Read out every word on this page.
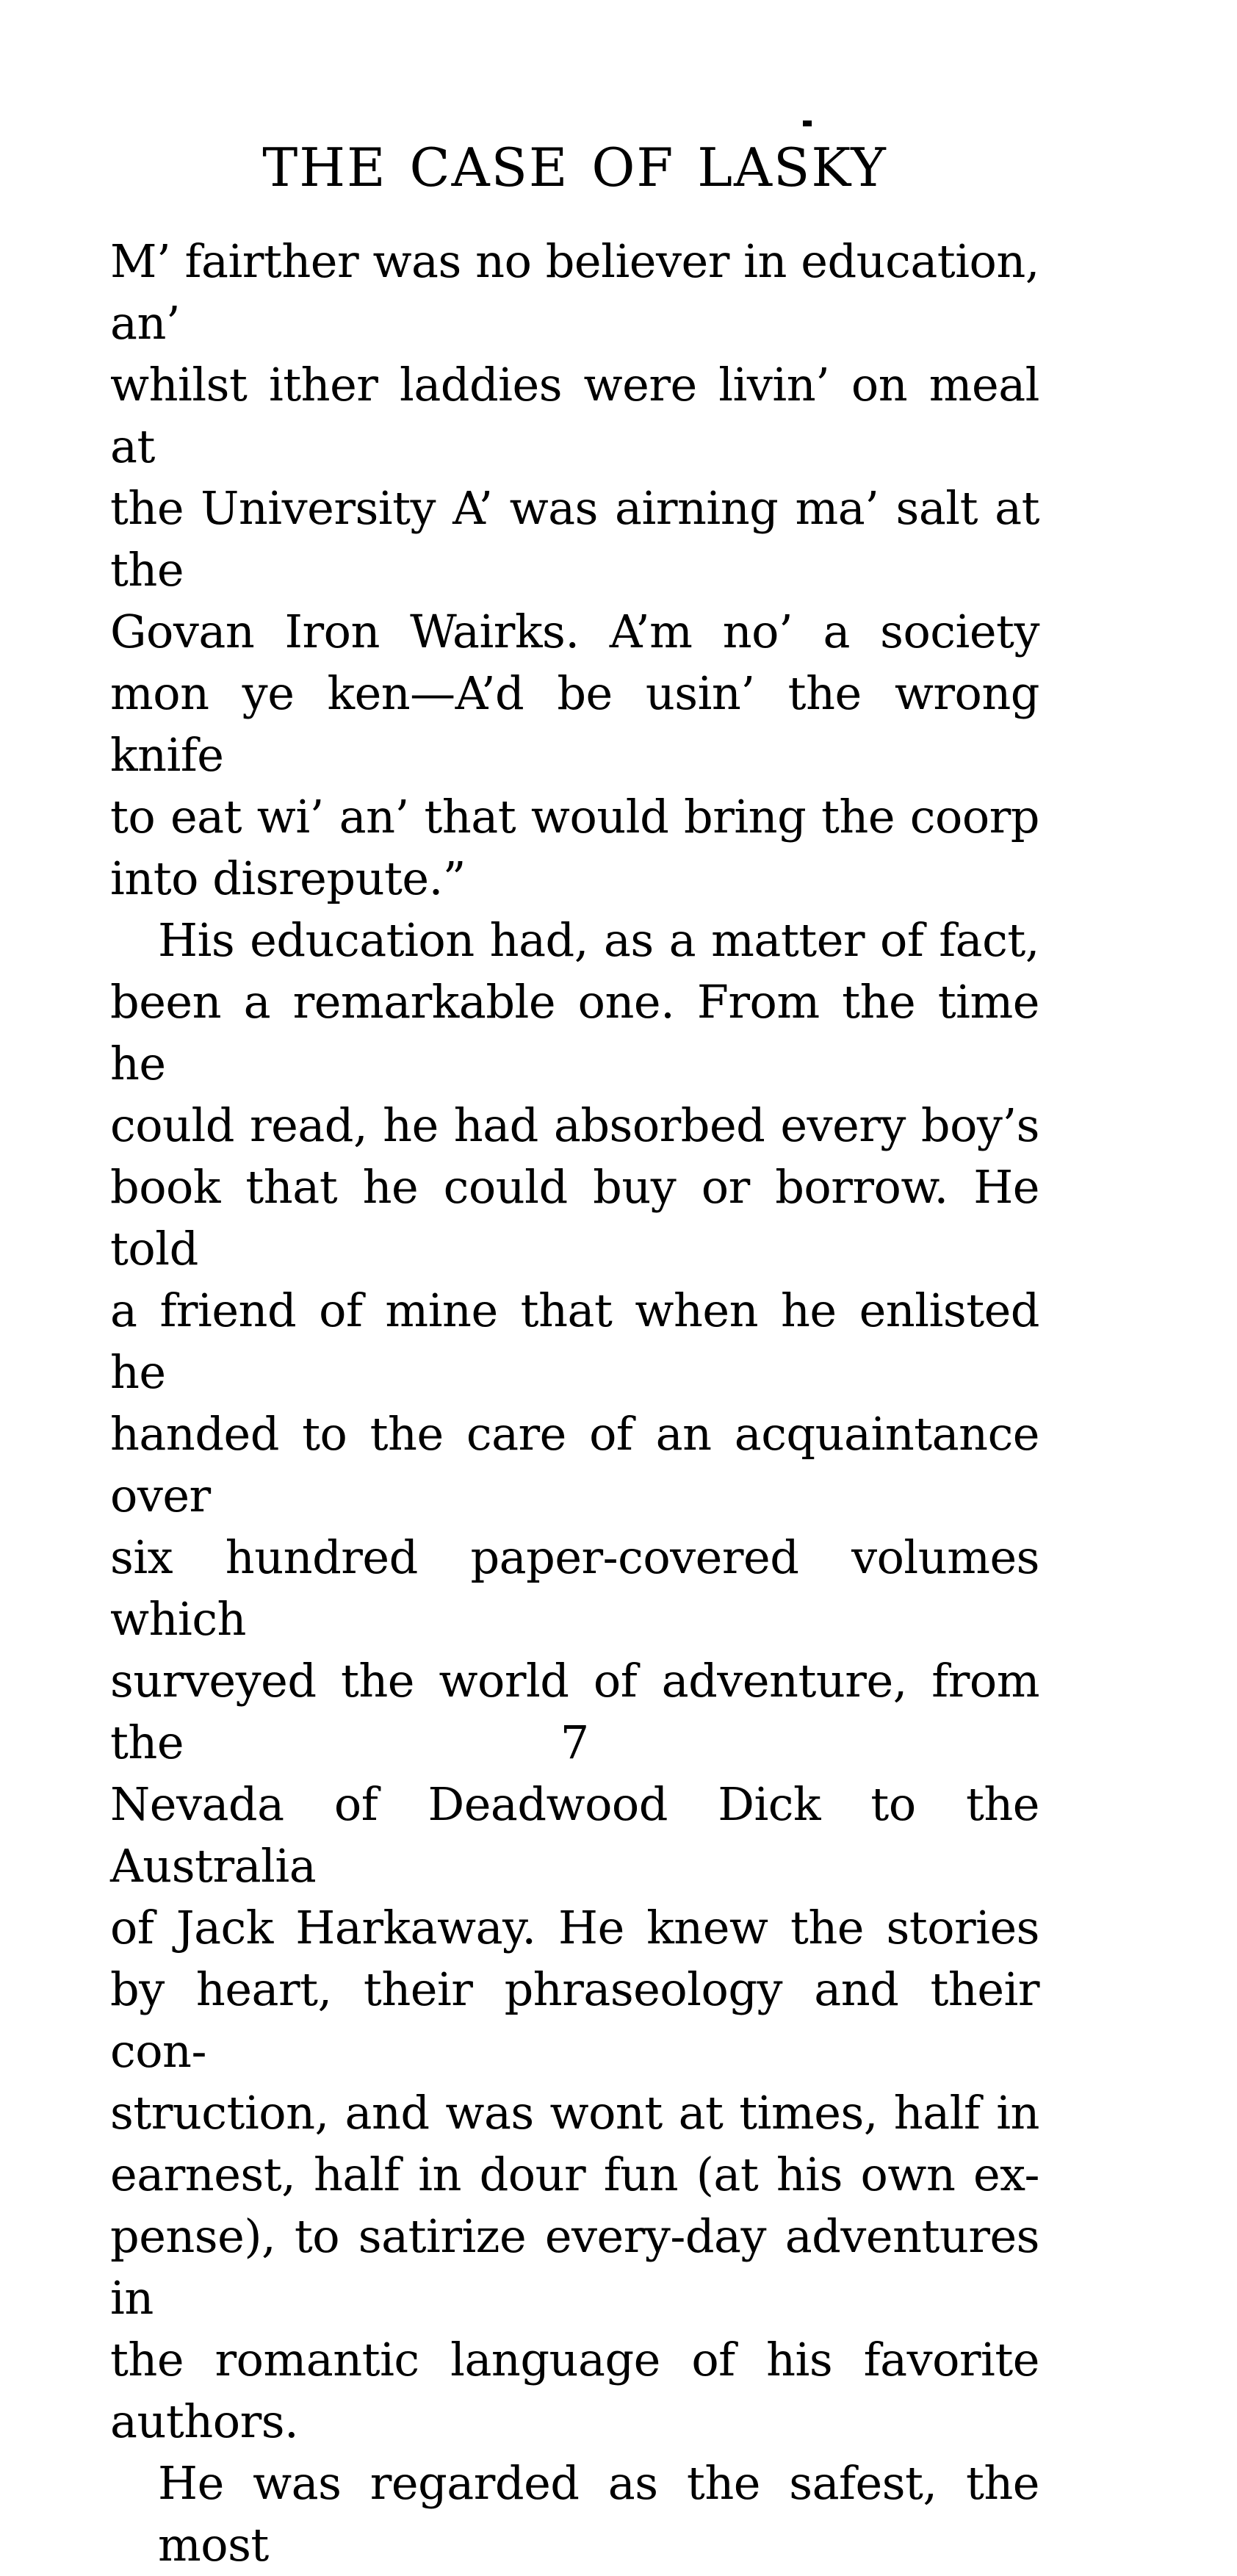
THE CASE OF LASKY
M’ fairther was no believer in education, an’
whilst ither laddies were livin’ on meal at
the University A’ was airning ma’ salt at the
Govan Iron Wairks. A’m no’ a society
mon ye ken—A’d be usin’ the wrong knife
to eat wi’ an’ that would bring the coorp
into disrepute.”
His education had, as a matter of fact,
been a remarkable one. From the time he
could read, he had absorbed every boy’s
book that he could buy or borrow. He told
a friend of mine that when he enlisted he
handed to the care of an acquaintance over
six hundred paper-covered volumes which
surveyed the world of adventure, from the
Nevada of Deadwood Dick to the Australia
of Jack Harkaway. He knew the stories
by heart, their phraseology and their con-
struction, and was wont at times, half in
earnest, half in dour fun (at his own ex-
pense), to satirize every-day adventures in
the romantic language of his favorite
authors.
He was regarded as the safest, the most
7
